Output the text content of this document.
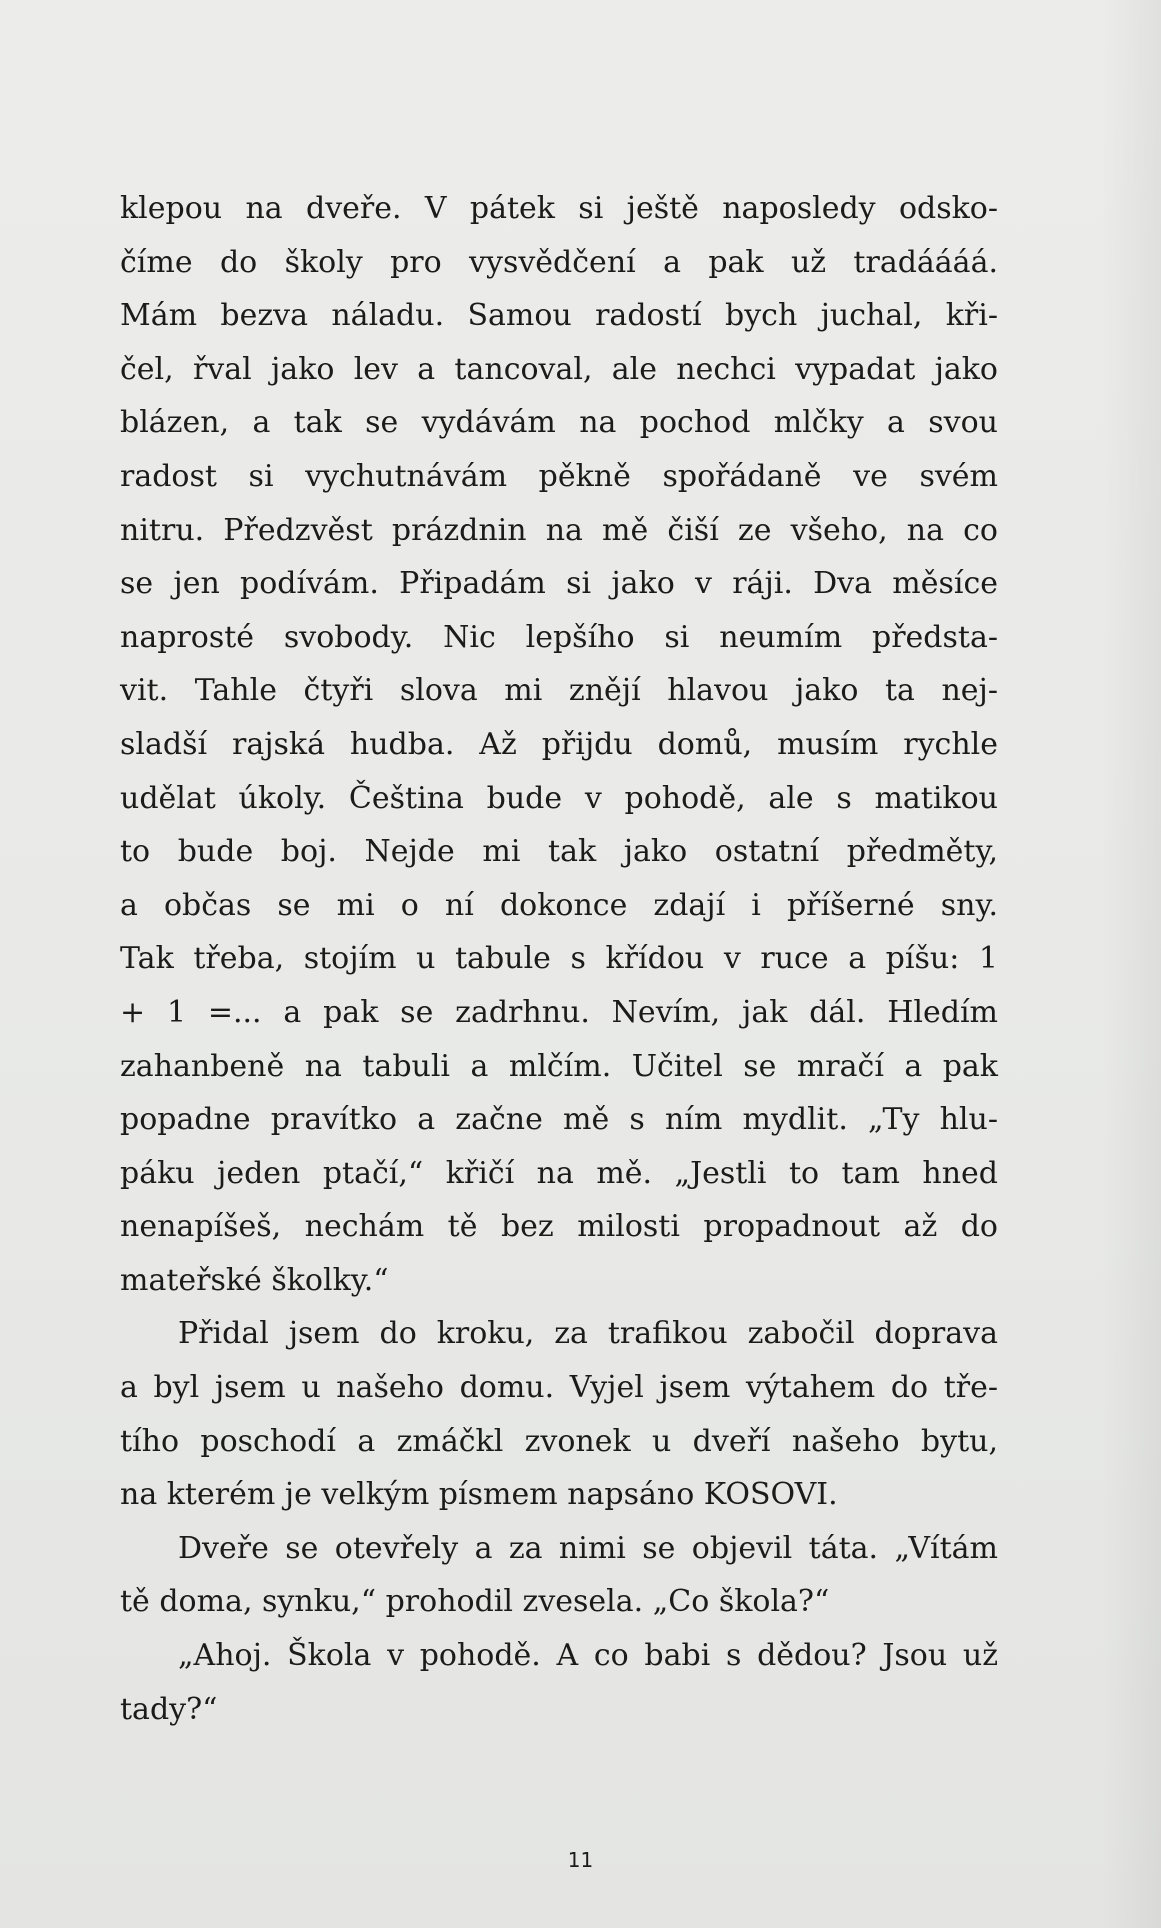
klepou na dveře. V pátek si ještě naposledy odsko-
číme do školy pro vysvědčení a pak už tradáááá.
Mám bezva náladu. Samou radostí bych juchal, kři-
čel, řval jako lev a tancoval, ale nechci vypadat jako
blázen, a tak se vydávám na pochod mlčky a svou
radost si vychutnávám pěkně spořádaně ve svém
nitru. Předzvěst prázdnin na mě čiší ze všeho, na co
se jen podívám. Připadám si jako v ráji. Dva měsíce
naprosté svobody. Nic lepšího si neumím předsta-
vit. Tahle čtyři slova mi znějí hlavou jako ta nej-
sladší rajská hudba. Až přijdu domů, musím rychle
udělat úkoly. Čeština bude v pohodě, ale s matikou
to bude boj. Nejde mi tak jako ostatní předměty,
a občas se mi o ní dokonce zdají i příšerné sny.
Tak třeba, stojím u tabule s křídou v ruce a píšu: 1
+ 1 =... a pak se zadrhnu. Nevím, jak dál. Hledím
zahanbeně na tabuli a mlčím. Učitel se mračí a pak
popadne pravítko a začne mě s ním mydlit. „Ty hlu-
páku jeden ptačí,“ křičí na mě. „Jestli to tam hned
nenapíšeš, nechám tě bez milosti propadnout až do
mateřské školky.“
Přidal jsem do kroku, za trafikou zabočil doprava
a byl jsem u našeho domu. Vyjel jsem výtahem do tře-
tího poschodí a zmáčkl zvonek u dveří našeho bytu,
na kterém je velkým písmem napsáno KOSOVI.
Dveře se otevřely a za nimi se objevil táta. „Vítám
tě doma, synku,“ prohodil zvesela. „Co škola?“
„Ahoj. Škola v pohodě. A co babi s dědou? Jsou už
tady?“
11
